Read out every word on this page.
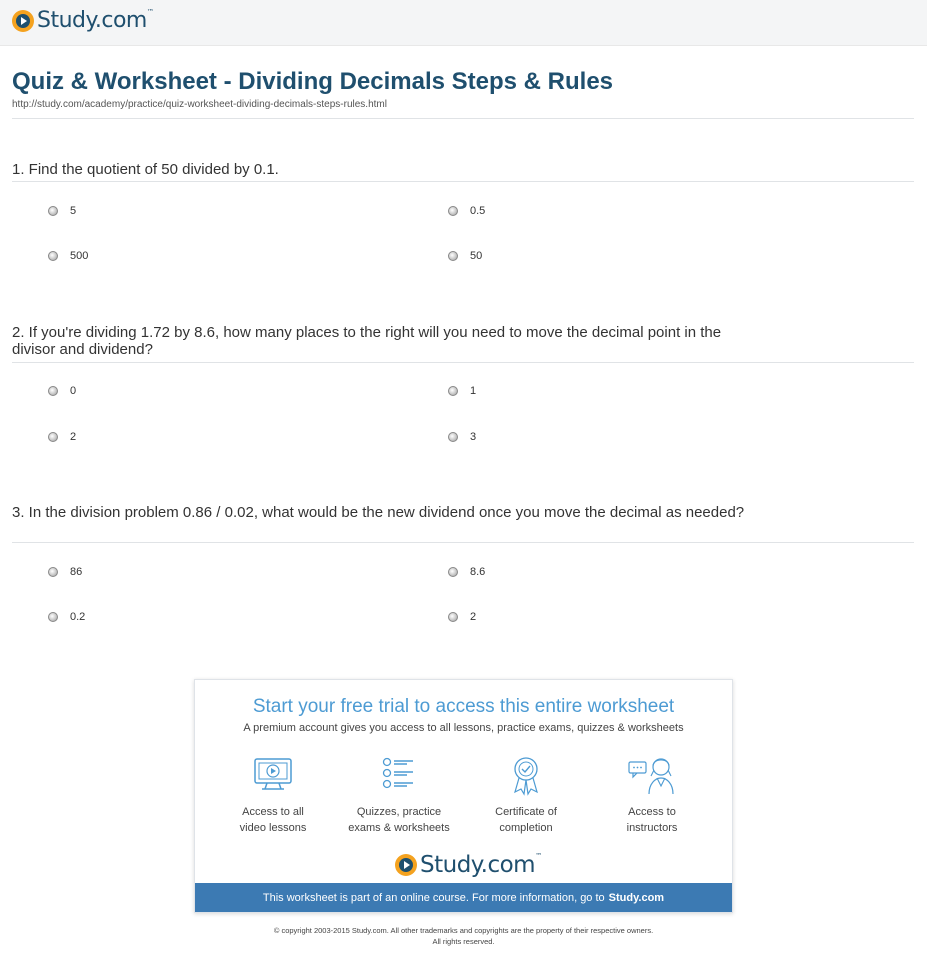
Study.com™
Quiz & Worksheet - Dividing Decimals Steps & Rules
http://study.com/academy/practice/quiz-worksheet-dividing-decimals-steps-rules.html
1. Find the quotient of 50 divided by 0.1.
5	0.5
500	50
2. If you're dividing 1.72 by 8.6, how many places to the right will you need to move the decimal point in the divisor and dividend?
0	1
2	3
3. In the division problem 0.86 / 0.02, what would be the new dividend once you move the decimal as needed?
86	8.6
0.2	2
Start your free trial to access this entire worksheet
A premium account gives you access to all lessons, practice exams, quizzes & worksheets
Access to all
video lessons
Quizzes, practice
exams & worksheets
Certificate of
completion
Access to
instructors
Study.com™
This worksheet is part of an online course. For more information, go to Study.com
© copyright 2003-2015 Study.com. All other trademarks and copyrights are the property of their respective owners.
All rights reserved.
